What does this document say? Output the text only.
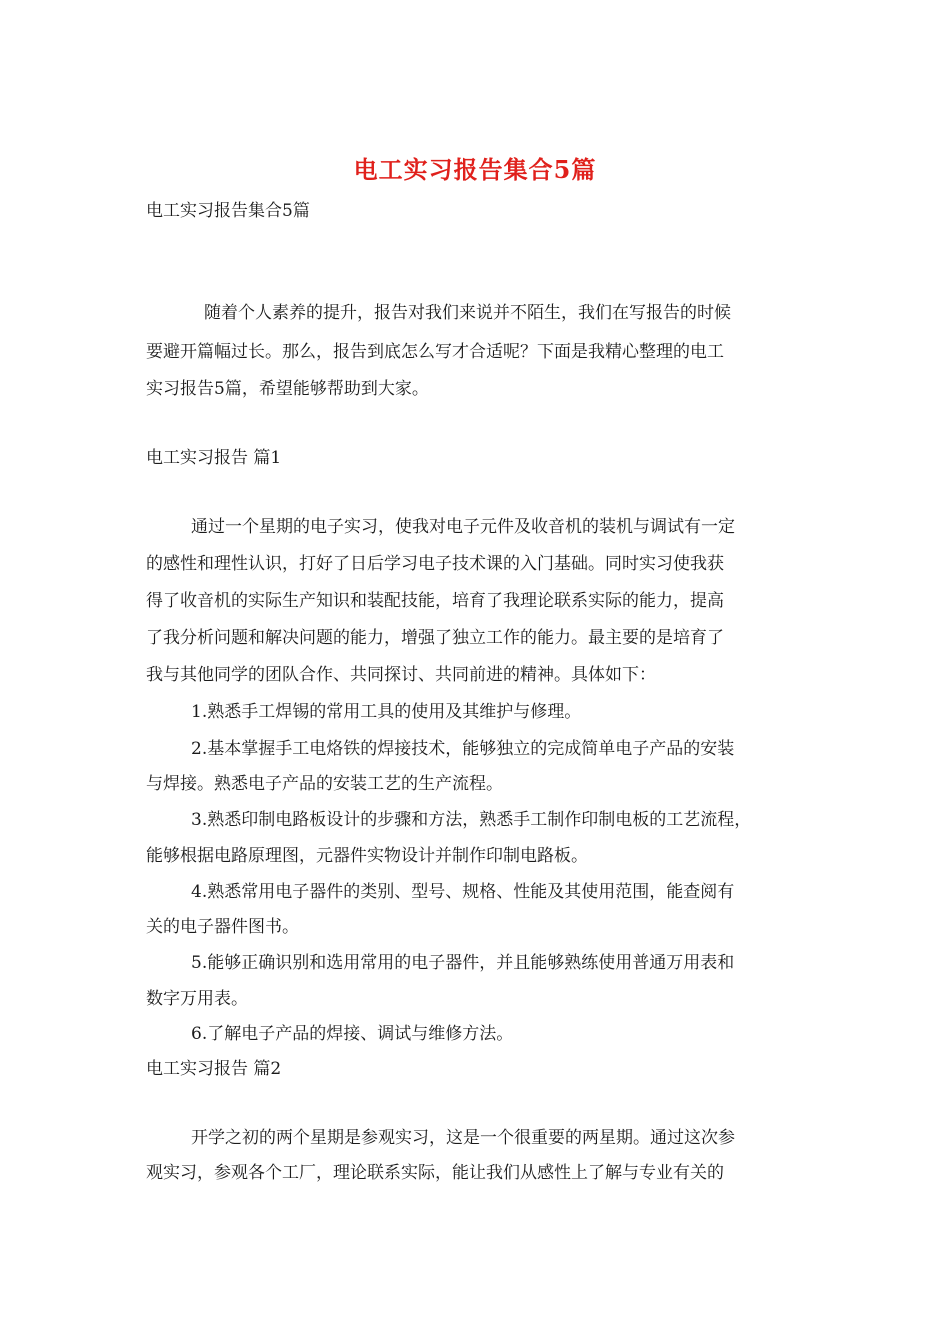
电工实习报告集合5篇
电工实习报告集合5篇
随着个人素养的提升，报告对我们来说并不陌生，我们在写报告的时候
要避开篇幅过长。那么，报告到底怎么写才合适呢？下面是我精心整理的电工
实习报告5篇，希望能够帮助到大家。
电工实习报告 篇1
通过一个星期的电子实习，使我对电子元件及收音机的装机与调试有一定
的感性和理性认识，打好了日后学习电子技术课的入门基础。同时实习使我获
得了收音机的实际生产知识和装配技能，培育了我理论联系实际的能力，提高
了我分析问题和解决问题的能力，增强了独立工作的能力。最主要的是培育了
我与其他同学的团队合作、共同探讨、共同前进的精神。具体如下：
1.熟悉手工焊锡的常用工具的使用及其维护与修理。
2.基本掌握手工电烙铁的焊接技术，能够独立的完成简单电子产品的安装
与焊接。熟悉电子产品的安装工艺的生产流程。
3.熟悉印制电路板设计的步骤和方法，熟悉手工制作印制电板的工艺流程，
能够根据电路原理图，元器件实物设计并制作印制电路板。
4.熟悉常用电子器件的类别、型号、规格、性能及其使用范围，能查阅有
关的电子器件图书。
5.能够正确识别和选用常用的电子器件，并且能够熟练使用普通万用表和
数字万用表。
6.了解电子产品的焊接、调试与维修方法。
电工实习报告 篇2
开学之初的两个星期是参观实习，这是一个很重要的两星期。通过这次参
观实习，参观各个工厂，理论联系实际，能让我们从感性上了解与专业有关的
